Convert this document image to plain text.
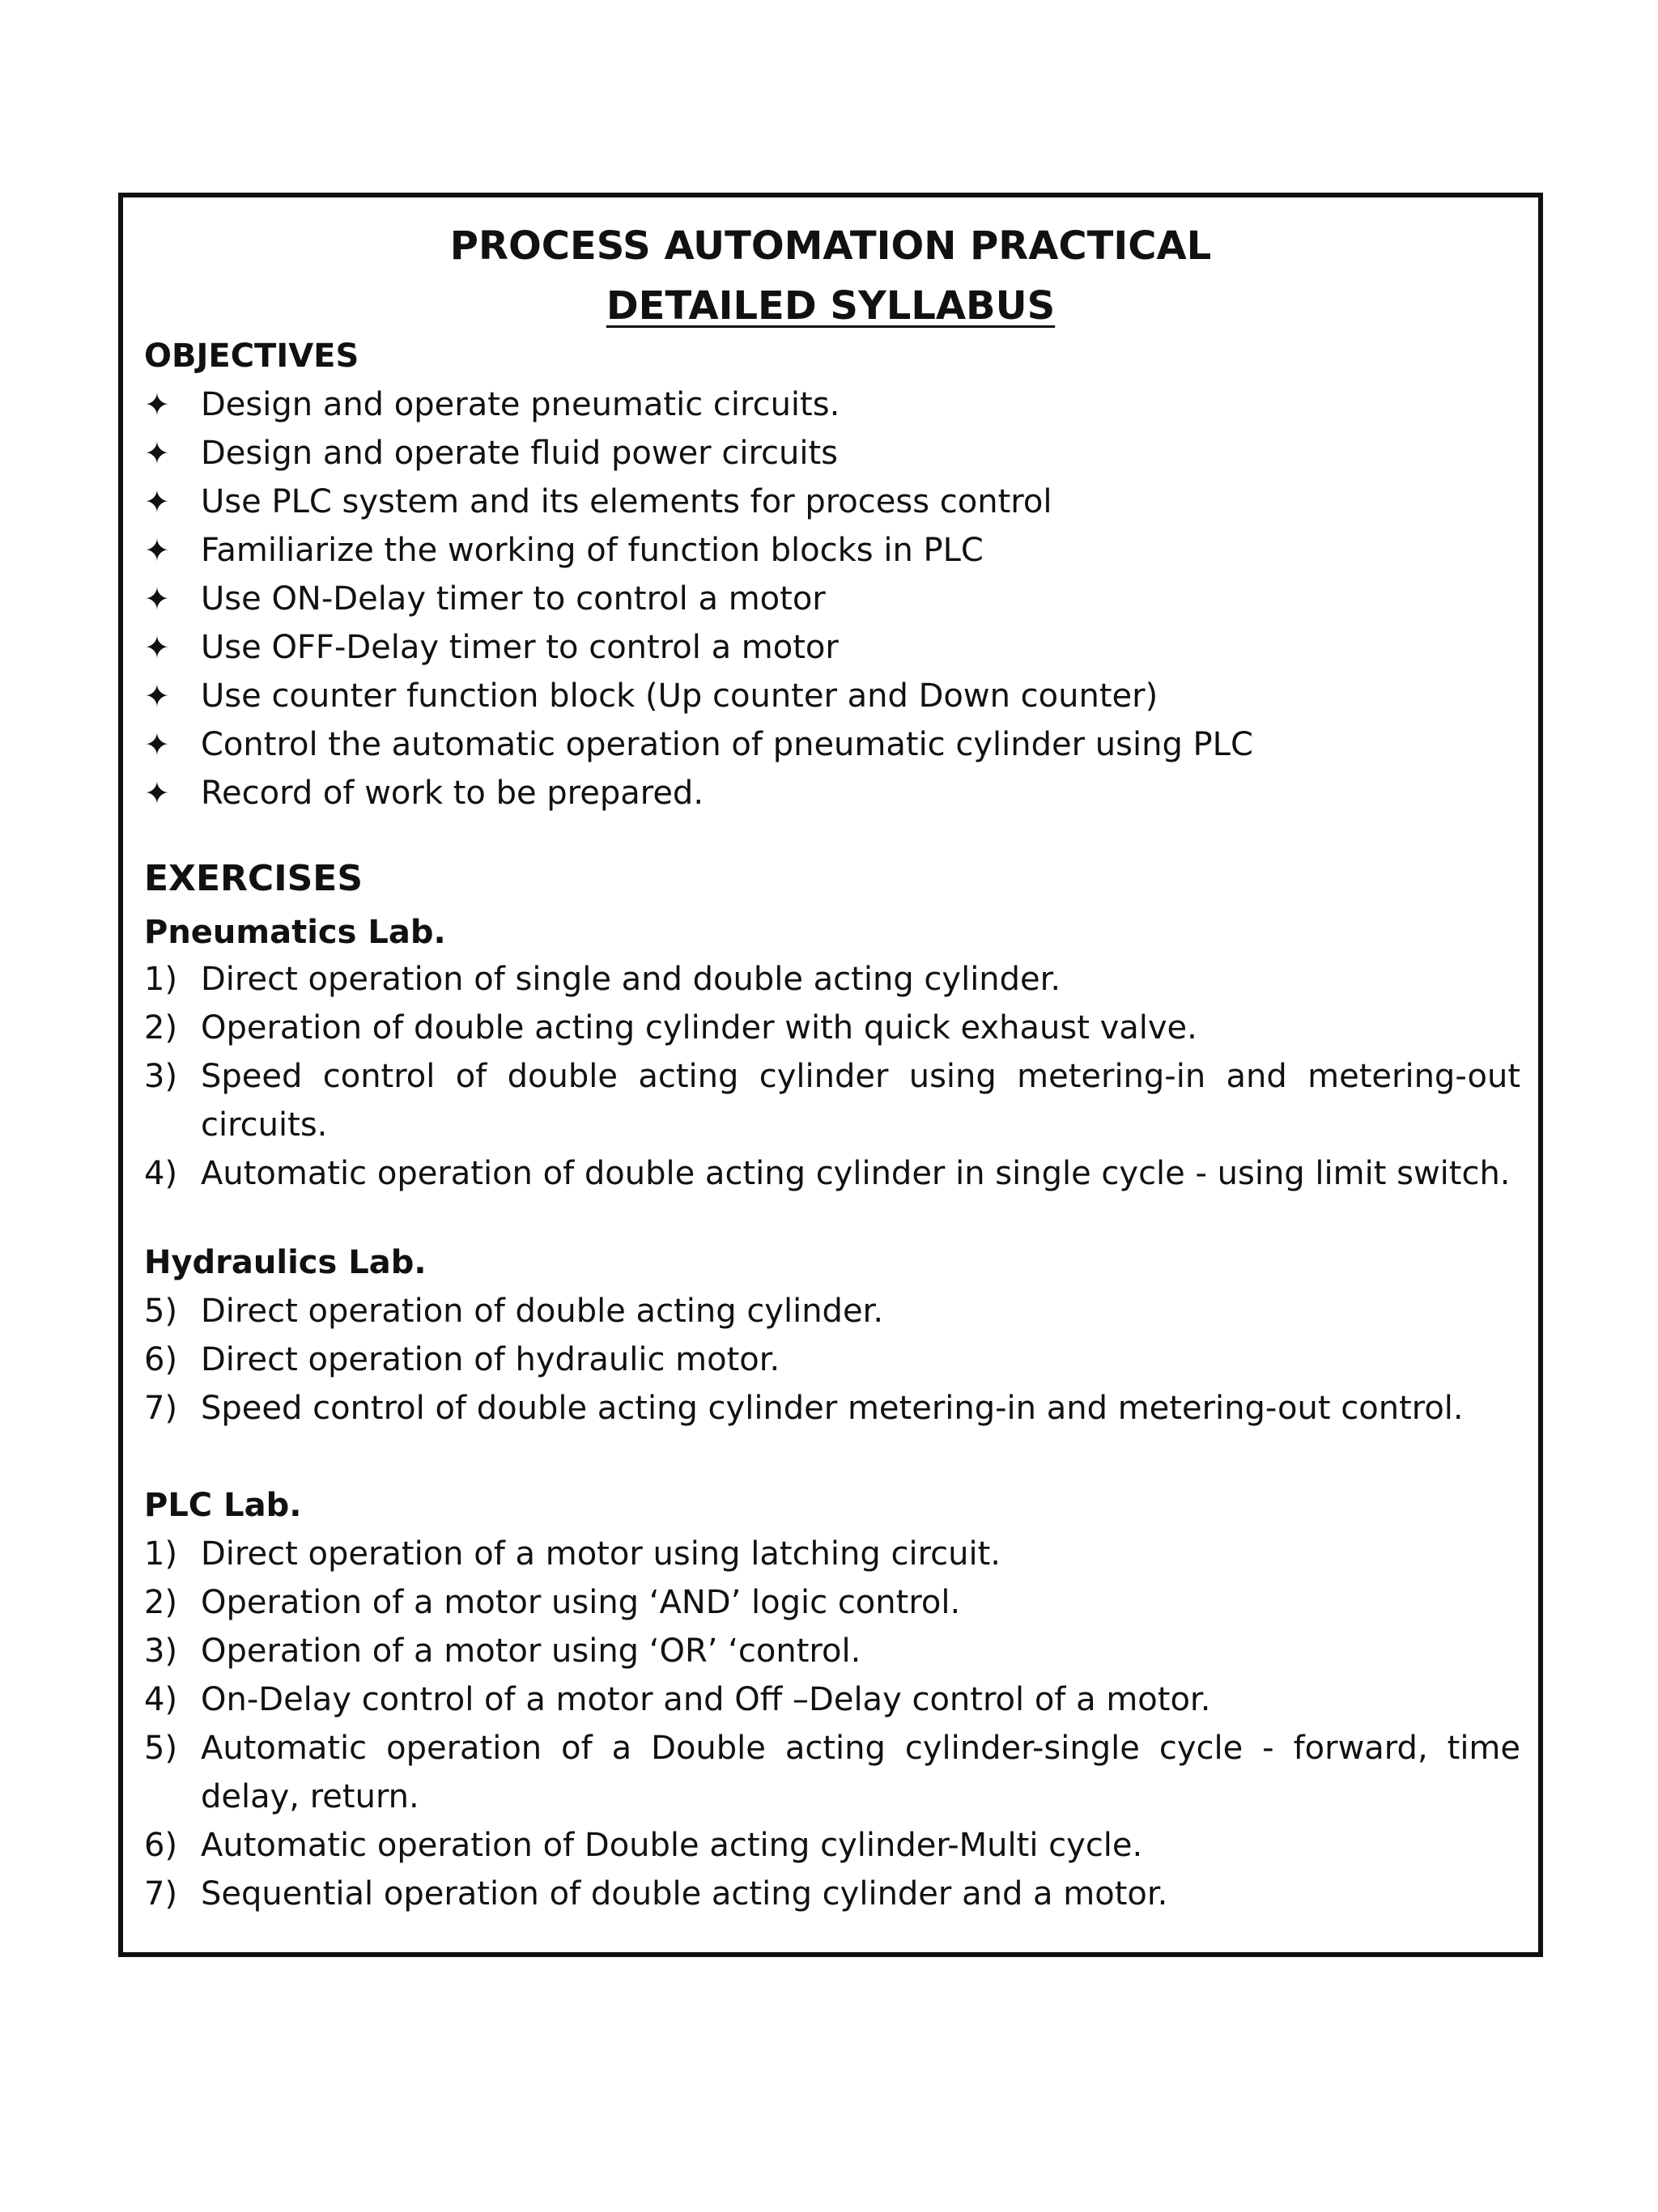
PROCESS AUTOMATION PRACTICAL
DETAILED SYLLABUS
OBJECTIVES
✦ Design and operate pneumatic circuits.
✦ Design and operate fluid power circuits
✦ Use PLC system and its elements for process control
✦ Familiarize the working of function blocks in PLC
✦ Use ON-Delay timer to control a motor
✦ Use OFF-Delay timer to control a motor
✦ Use counter function block (Up counter and Down counter)
✦ Control the automatic operation of pneumatic cylinder using PLC
✦ Record of work to be prepared.
EXERCISES
Pneumatics Lab.
1) Direct operation of single and double acting cylinder.
2) Operation of double acting cylinder with quick exhaust valve.
3) Speed control of double acting cylinder using metering-in and metering-out
circuits.
4) Automatic operation of double acting cylinder in single cycle - using limit switch.
Hydraulics Lab.
5) Direct operation of double acting cylinder.
6) Direct operation of hydraulic motor.
7) Speed control of double acting cylinder metering-in and metering-out control.
PLC Lab.
1) Direct operation of a motor using latching circuit.
2) Operation of a motor using ‘AND’ logic control.
3) Operation of a motor using ‘OR’ ‘control.
4) On-Delay control of a motor and Off –Delay control of a motor.
5) Automatic operation of a Double acting cylinder-single cycle - forward, time
delay, return.
6) Automatic operation of Double acting cylinder-Multi cycle.
7) Sequential operation of double acting cylinder and a motor.
